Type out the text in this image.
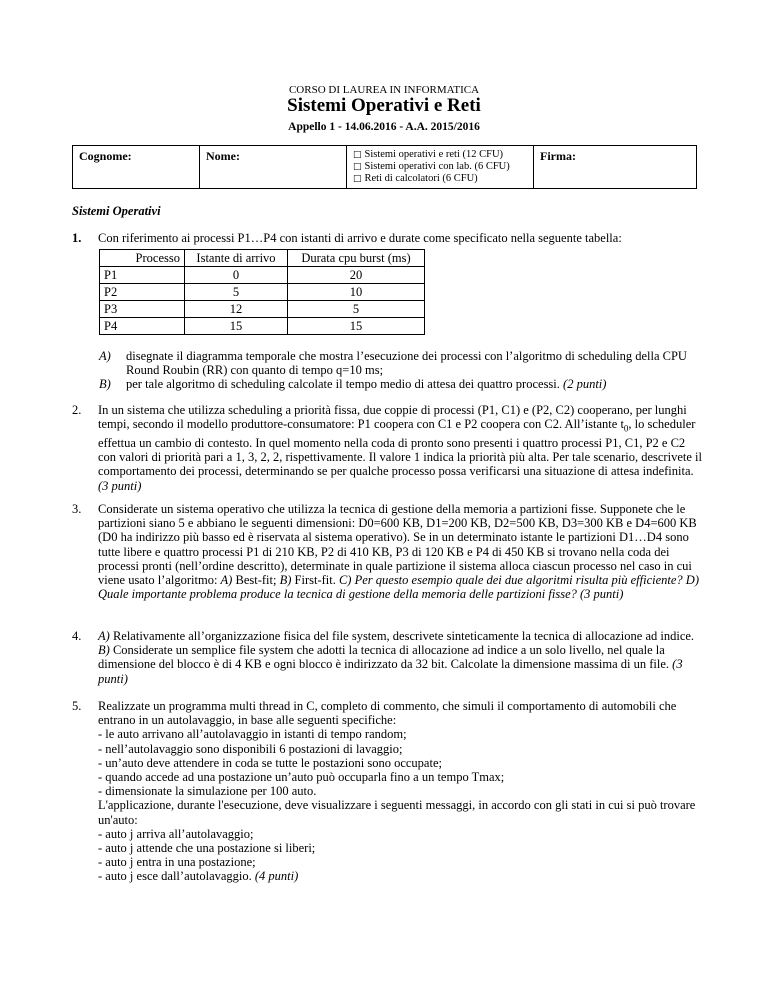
CORSO DI LAUREA IN INFORMATICA
Sistemi Operativi e Reti
Appello 1 - 14.06.2016 - A.A. 2015/2016
Cognome:	Nome:	□ Sistemi operativi e reti (12 CFU)
□ Sistemi operativi con lab. (6 CFU)
□ Reti di calcolatori (6 CFU)
	Firma:
Sistemi Operativi
1. Con riferimento ai processi P1…P4 con istanti di arrivo e durate come specificato nella seguente tabella:
Processo	Istante di arrivo	Durata cpu burst (ms)
P1	0	20
P2	5	10
P3	12	5
P4	15	15
A) disegnate il diagramma temporale che mostra l’esecuzione dei processi con l’algoritmo di scheduling della CPU Round Roubin (RR) con quanto di tempo q=10 ms;
B) per tale algoritmo di scheduling calcolate il tempo medio di attesa dei quattro processi. (2 punti)
2. In un sistema che utilizza scheduling a priorità fissa, due coppie di processi (P1, C1) e (P2, C2) cooperano, per lunghi tempi, secondo il modello produttore-consumatore: P1 coopera con C1 e P2 coopera con C2. All’istante $t_0$, lo scheduler effettua un cambio di contesto. In quel momento nella coda di pronto sono presenti i quattro processi P1, C1, P2 e C2 con valori di priorità pari a 1, 3, 2, 2, rispettivamente. Il valore 1 indica la priorità più alta. Per tale scenario, descrivete il comportamento dei processi, determinando se per qualche processo possa verificarsi una situazione di attesa indefinita. (3 punti)
3. Considerate un sistema operativo che utilizza la tecnica di gestione della memoria a partizioni fisse. Supponete che le partizioni siano 5 e abbiano le seguenti dimensioni: D0=600 KB, D1=200 KB, D2=500 KB, D3=300 KB e D4=600 KB (D0 ha indirizzo più basso ed è riservata al sistema operativo). Se in un determinato istante le partizioni D1…D4 sono tutte libere e quattro processi P1 di 210 KB, P2 di 410 KB, P3 di 120 KB e P4 di 450 KB si trovano nella coda dei processi pronti (nell’ordine descritto), determinate in quale partizione il sistema alloca ciascun processo nel caso in cui viene usato l’algoritmo: A) Best-fit; B) First-fit. C) Per questo esempio quale dei due algoritmi risulta più efficiente? D) Quale importante problema produce la tecnica di gestione della memoria delle partizioni fisse? (3 punti)
4. A) Relativamente all’organizzazione fisica del file system, descrivete sinteticamente la tecnica di allocazione ad indice. B) Considerate un semplice file system che adotti la tecnica di allocazione ad indice a un solo livello, nel quale la dimensione del blocco è di 4 KB e ogni blocco è indirizzato da 32 bit. Calcolate la dimensione massima di un file. (3 punti)
5. Realizzate un programma multi thread in C, completo di commento, che simuli il comportamento di automobili che entrano in un autolavaggio, in base alle seguenti specifiche:
- le auto arrivano all’autolavaggio in istanti di tempo random;
- nell’autolavaggio sono disponibili 6 postazioni di lavaggio;
- un’auto deve attendere in coda se tutte le postazioni sono occupate;
- quando accede ad una postazione un’auto può occuparla fino a un tempo Tmax;
- dimensionate la simulazione per 100 auto.
L'applicazione, durante l'esecuzione, deve visualizzare i seguenti messaggi, in accordo con gli stati in cui si può trovare un'auto:
- auto j arriva all’autolavaggio;
- auto j attende che una postazione si liberi;
- auto j entra in una postazione;
- auto j esce dall’autolavaggio. (4 punti)
